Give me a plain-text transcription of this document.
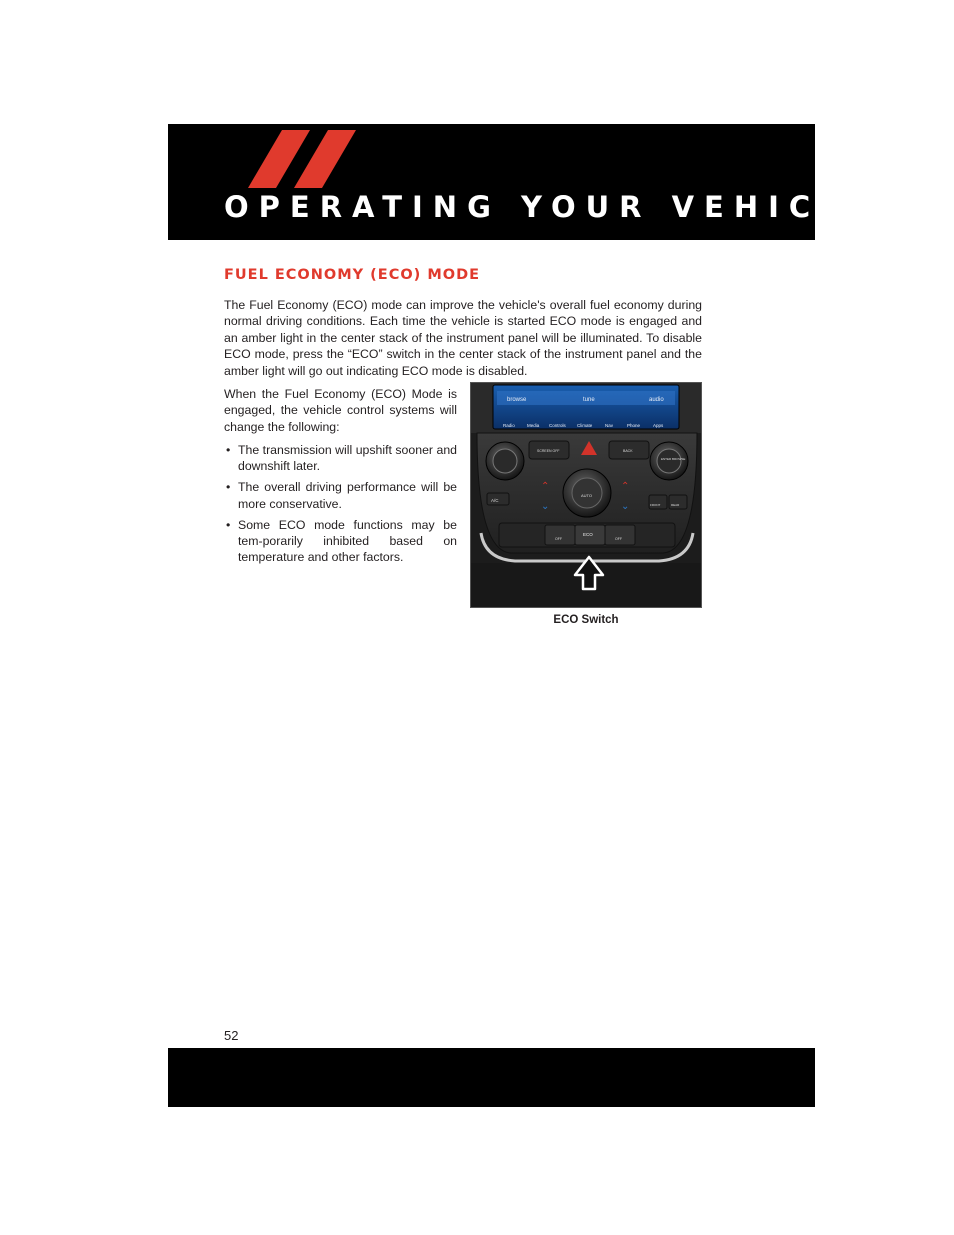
OPERATING YOUR VEHICLE
FUEL ECONOMY (ECO) MODE

The Fuel Economy (ECO) mode can improve the vehicle's overall fuel economy during normal driving conditions. Each time the vehicle is started ECO mode is engaged and an amber light in the center stack of the instrument panel will be illuminated. To disable ECO mode, press the “ECO” switch in the center stack of the instrument panel and the amber light will go out indicating ECO mode is disabled.

When the Fuel Economy (ECO) Mode is engaged, the vehicle control systems will change the following:

• The transmission will upshift sooner and downshift later.
• The overall driving performance will be more conservative.
• Some ECO mode functions may be tem-porarily inhibited based on temperature and other factors.
browse	tune	audio
Radio	Media Controls Climate	Nav	Phone	Apps
ENTER BROWSE
SCREEN OFF	BACK
AUTO
⌃
⌄
⌃
⌄
A/C
FRONT	REAR
OFF
ECO
OFF
ECO Switch
52
